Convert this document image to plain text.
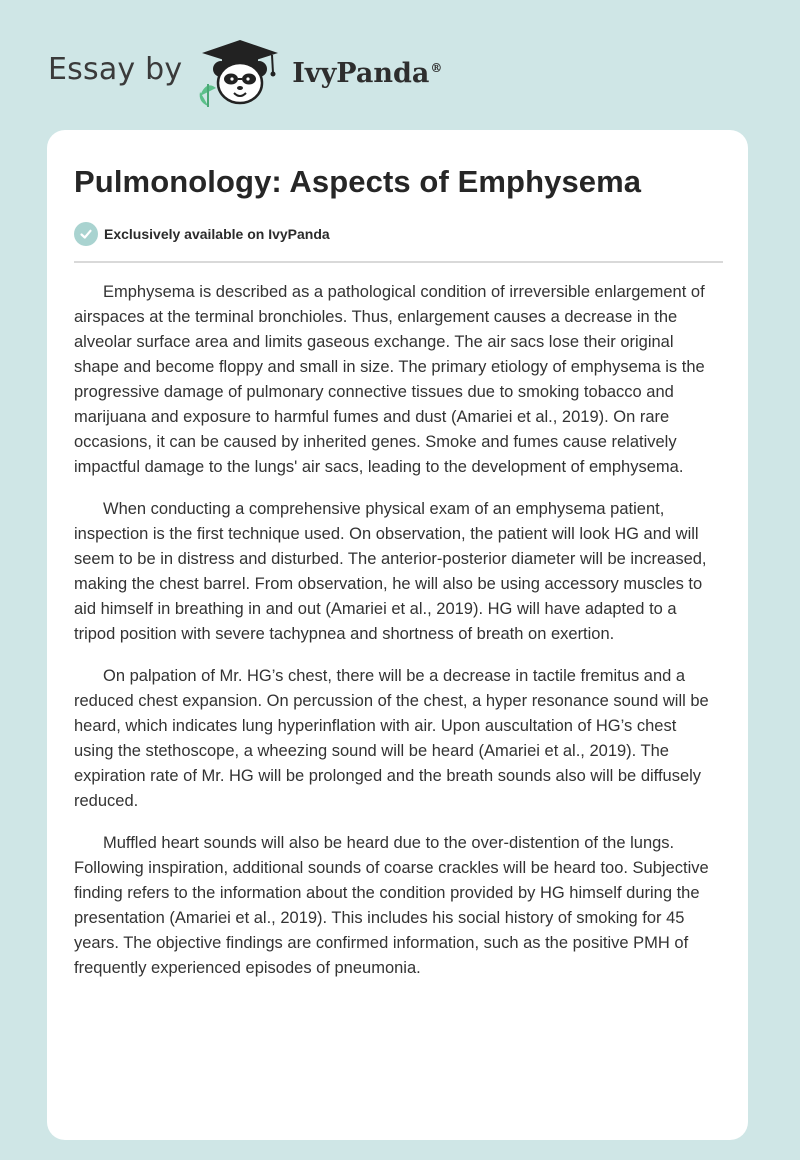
Essay by	IvyPanda®
Pulmonology: Aspects of Emphysema
Exclusively available on IvyPanda

Emphysema is described as a pathological condition of irreversible enlargement of airspaces at the terminal bronchioles. Thus, enlargement causes a decrease in the alveolar surface area and limits gaseous exchange. The air sacs lose their original shape and become floppy and small in size. The primary etiology of emphysema is the progressive damage of pulmonary connective tissues due to smoking tobacco and marijuana and exposure to harmful fumes and dust (Amariei et al., 2019). On rare occasions, it can be caused by inherited genes. Smoke and fumes cause relatively impactful damage to the lungs' air sacs, leading to the development of emphysema.

When conducting a comprehensive physical exam of an emphysema patient, inspection is the first technique used. On observation, the patient will look HG and will seem to be in distress and disturbed. The anterior-posterior diameter will be increased, making the chest barrel. From observation, he will also be using accessory muscles to aid himself in breathing in and out (Amariei et al., 2019). HG will have adapted to a tripod position with severe tachypnea and shortness of breath on exertion.

On palpation of Mr. HG’s chest, there will be a decrease in tactile fremitus and a reduced chest expansion. On percussion of the chest, a hyper resonance sound will be heard, which indicates lung hyperinflation with air. Upon auscultation of HG’s chest using the stethoscope, a wheezing sound will be heard (Amariei et al., 2019). The expiration rate of Mr. HG will be prolonged and the breath sounds also will be diffusely reduced.

Muffled heart sounds will also be heard due to the over-distention of the lungs. Following inspiration, additional sounds of coarse crackles will be heard too. Subjective finding refers to the information about the condition provided by HG himself during the presentation (Amariei et al., 2019). This includes his social history of smoking for 45 years. The objective findings are confirmed information, such as the positive PMH of frequently experienced episodes of pneumonia.
